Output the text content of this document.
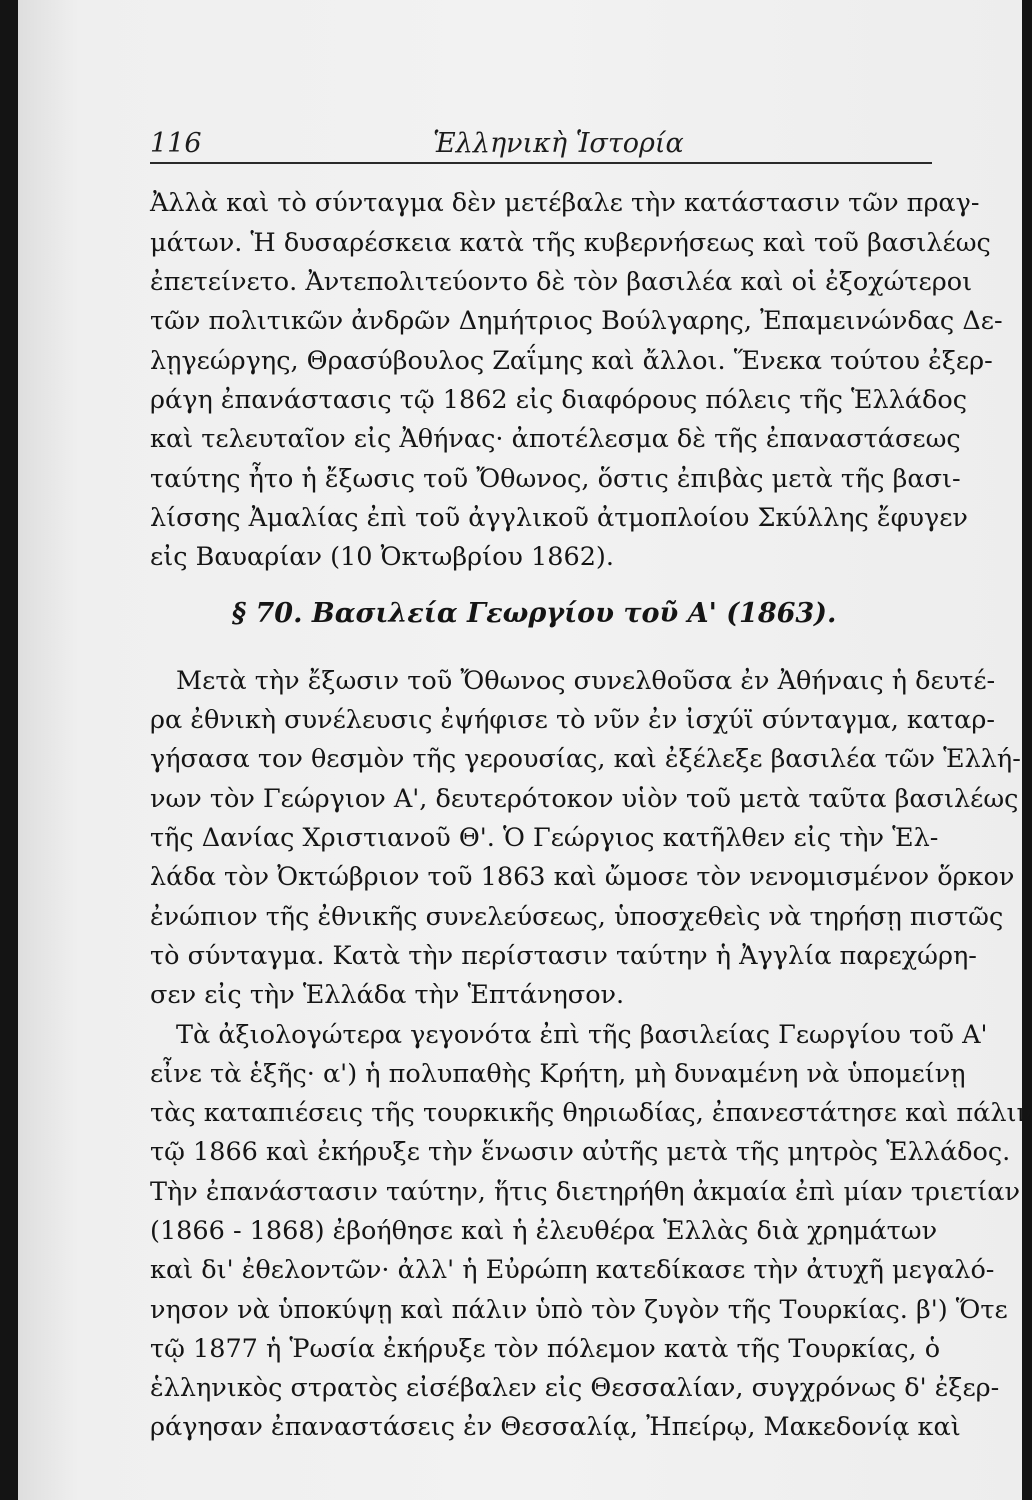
116	Ἑλληνικὴ Ἱστορία
Ἀλλὰ καὶ τὸ σύνταγμα δὲν μετέβαλε τὴν κατάστασιν τῶν πραγ-
μάτων. Ἡ δυσαρέσκεια κατὰ τῆς κυβερνήσεως καὶ τοῦ βασιλέως
ἐπετείνετο. Ἀντεπολιτεύοντο δὲ τὸν βασιλέα καὶ οἱ ἐξοχώτεροι
τῶν πολιτικῶν ἀνδρῶν Δημήτριος Βούλγαρης, Ἐπαμεινώνδας Δε-
λῃγεώργης, Θρασύβουλος Ζαΐμης καὶ ἄλλοι. Ἕνεκα τούτου ἐξερ-
ράγη ἐπανάστασις τῷ 1862 εἰς διαφόρους πόλεις τῆς Ἑλλάδος
καὶ τελευταῖον εἰς Ἀθήνας· ἀποτέλεσμα δὲ τῆς ἐπαναστάσεως
ταύτης ἦτο ἡ ἔξωσις τοῦ Ὄθωνος, ὅστις ἐπιβὰς μετὰ τῆς βασι-
λίσσης Ἀμαλίας ἐπὶ τοῦ ἀγγλικοῦ ἀτμοπλοίου Σκύλλης ἔφυγεν
εἰς Βαυαρίαν (10 Ὀκτωβρίου 1862).
§ 70. Βασιλεία Γεωργίου τοῦ Α' (1863).
Μετὰ τὴν ἔξωσιν τοῦ Ὄθωνος συνελθοῦσα ἐν Ἀθήναις ἡ δευτέ-
ρα ἐθνικὴ συνέλευσις ἐψήφισε τὸ νῦν ἐν ἰσχύϊ σύνταγμα, καταρ-
γήσασα τον θεσμὸν τῆς γερουσίας, καὶ ἐξέλεξε βασιλέα τῶν Ἑλλή-
νων τὸν Γεώργιον Α', δευτερότοκον υἱὸν τοῦ μετὰ ταῦτα βασιλέως
τῆς Δανίας Χριστιανοῦ Θ'. Ὁ Γεώργιος κατῆλθεν εἰς τὴν Ἑλ-
λάδα τὸν Ὀκτώβριον τοῦ 1863 καὶ ὤμοσε τὸν νενομισμένον ὅρκον
ἐνώπιον τῆς ἐθνικῆς συνελεύσεως, ὑποσχεθεὶς νὰ τηρήσῃ πιστῶς
τὸ σύνταγμα. Κατὰ τὴν περίστασιν ταύτην ἡ Ἀγγλία παρεχώρη-
σεν εἰς τὴν Ἑλλάδα τὴν Ἑπτάνησον.
Τὰ ἀξιολογώτερα γεγονότα ἐπὶ τῆς βασιλείας Γεωργίου τοῦ Α'
εἶνε τὰ ἑξῆς· α') ἡ πολυπαθὴς Κρήτη, μὴ δυναμένη νὰ ὑπομείνῃ
τὰς καταπιέσεις τῆς τουρκικῆς θηριωδίας, ἐπανεστάτησε καὶ πάλιν
τῷ 1866 καὶ ἐκήρυξε τὴν ἕνωσιν αὐτῆς μετὰ τῆς μητρὸς Ἑλλάδος.
Τὴν ἐπανάστασιν ταύτην, ἥτις διετηρήθη ἀκμαία ἐπὶ μίαν τριετίαν
(1866 - 1868) ἐβοήθησε καὶ ἡ ἐλευθέρα Ἑλλὰς διὰ χρημάτων
καὶ δι' ἐθελοντῶν· ἀλλ' ἡ Εὐρώπη κατεδίκασε τὴν ἀτυχῆ μεγαλό-
νησον νὰ ὑποκύψῃ καὶ πάλιν ὑπὸ τὸν ζυγὸν τῆς Τουρκίας. β') Ὅτε
τῷ 1877 ἡ Ῥωσία ἐκήρυξε τὸν πόλεμον κατὰ τῆς Τουρκίας, ὁ
ἑλληνικὸς στρατὸς εἰσέβαλεν εἰς Θεσσαλίαν, συγχρόνως δ' ἐξερ-
ράγησαν ἐπαναστάσεις ἐν Θεσσαλίᾳ, Ἠπείρῳ, Μακεδονίᾳ καὶ
